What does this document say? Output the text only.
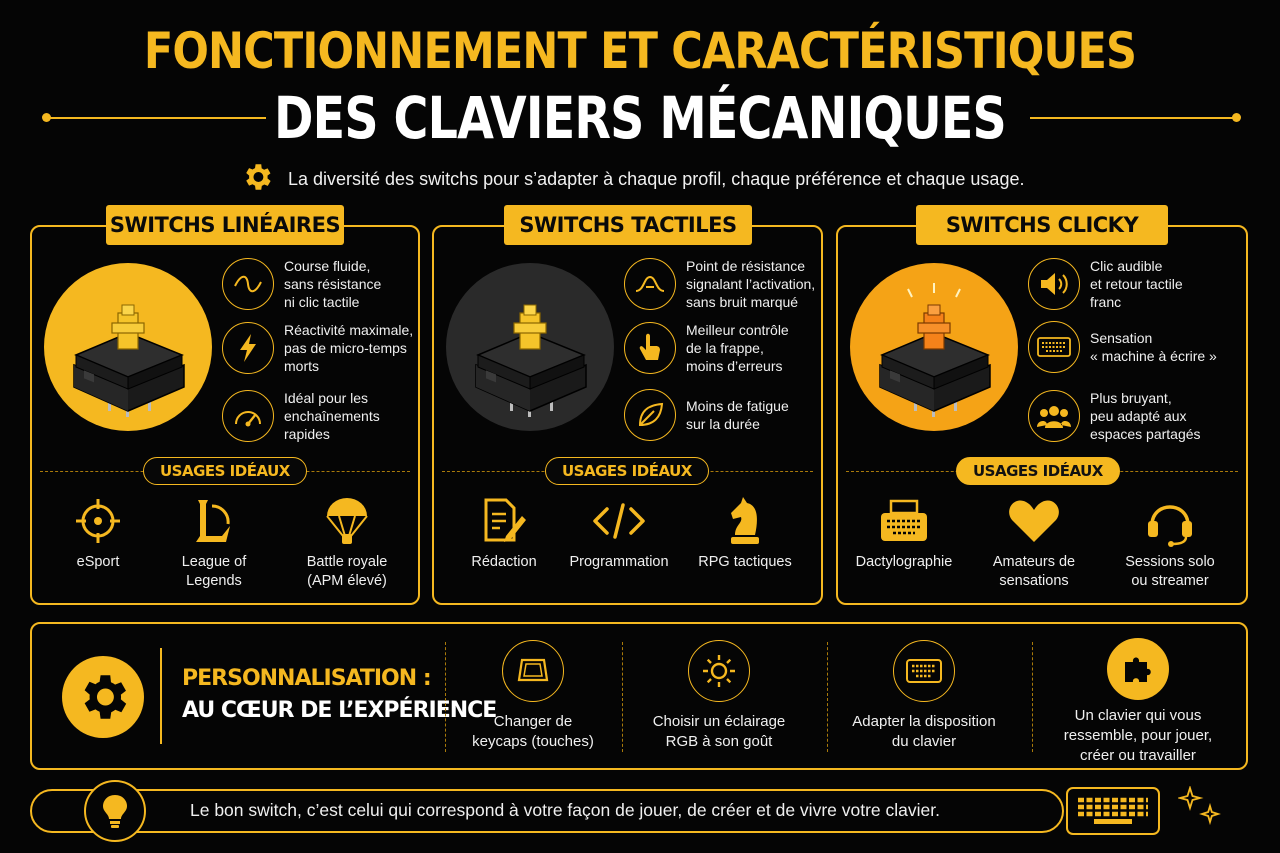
FONCTIONNEMENT ET CARACTÉRISTIQUES
DES CLAVIERS MÉCANIQUES
La diversité des switchs pour s’adapter à chaque profil, chaque préférence et chaque usage.
SWITCHS LINÉAIRES
Course fluide,
sans résistance
ni clic tactile
Réactivité maximale,
pas de micro-temps
morts
Idéal pour les
enchaînements
rapides
USAGES IDÉAUX
eSport	League of
Legends
Battle royale
(APM élevé)
SWITCHS TACTILES
Point de résistance
signalant l’activation,
sans bruit marqué
Meilleur contrôle
de la frappe,
moins d’erreurs
Moins de fatigue
sur la durée
USAGES IDÉAUX
Rédaction	Programmation	RPG tactiques
SWITCHS CLICKY
Clic audible
et retour tactile
franc
Sensation
« machine à écrire »
Plus bruyant,
peu adapté aux
espaces partagés
USAGES IDÉAUX
Dactylographie	Amateurs de
sensations
Sessions solo
ou streamer
PERSONNALISATION :
AU CŒUR DE L’EXPÉRIENCE
Changer de
keycaps (touches)
Choisir un éclairage
RGB à son goût
Adapter la disposition
du clavier
Un clavier qui vous
ressemble, pour jouer,
créer ou travailler
Le bon switch, c’est celui qui correspond à votre façon de jouer, de créer et de vivre votre clavier.
